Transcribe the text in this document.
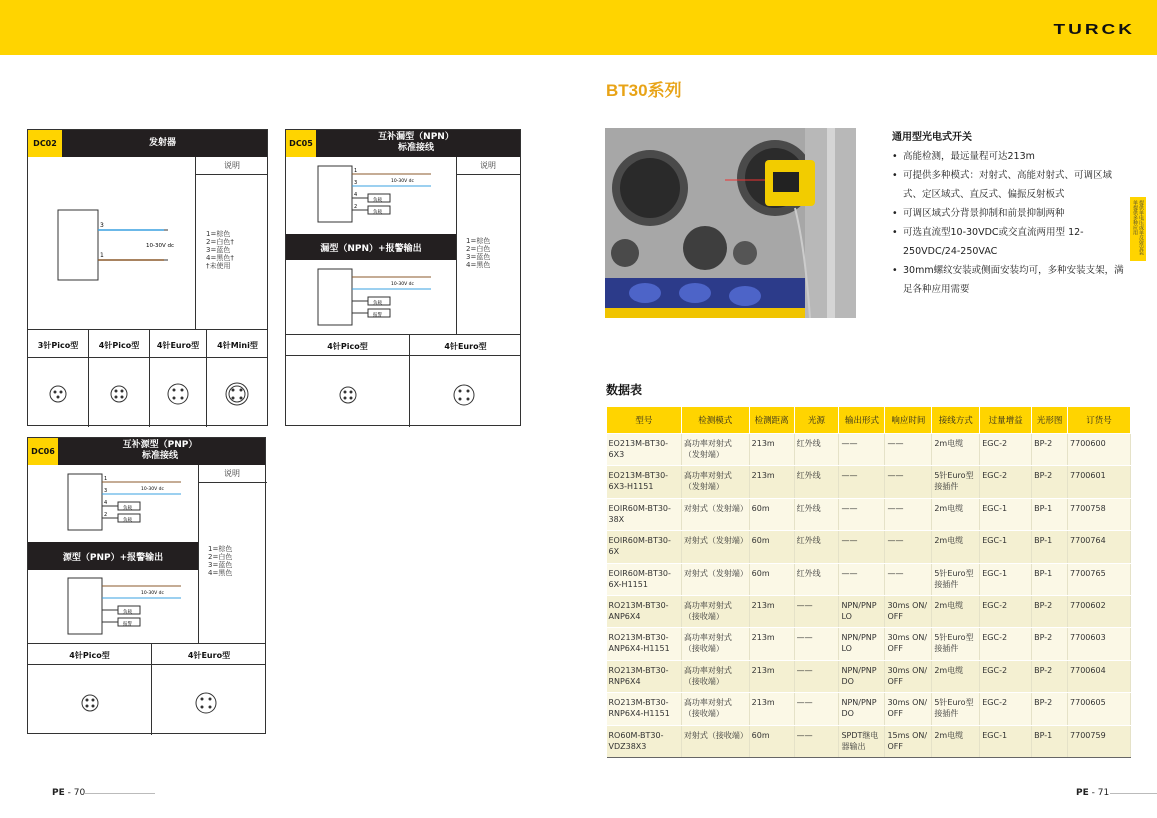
TURCK
BT30系列
通用型光电式开关
• 高能检测，最远量程可达213m
• 可提供多种模式：对射式、高能对射式、可调区域式、定区域式、直反式、偏振反射板式
• 可调区域式分背景抑制和前景抑制两种
• 可选直流型10-30VDC或交直流两用型 12-250VDC/24-250VAC
• 30mm螺纹安装或侧面安装均可，多种安装支架，满足各种应用需要
提供单电压或单反射安装单提供多种应用
数据表
型号	检测模式	检测距离	光源	输出形式	响应时间	接线方式	过量增益	光形图	订货号
EO213M-BT30-6X3	高功率对射式（发射端）	213m	红外线	——	——	2m电缆	EGC-2	BP-2	7700600
EO213M-BT30-6X3-H1151	高功率对射式（发射端）	213m	红外线	——	——	5针Euro型接插件	EGC-2	BP-2	7700601
EOIR60M-BT30-38X	对射式（发射端）	60m	红外线	——	——	2m电缆	EGC-1	BP-1	7700758
EOIR60M-BT30-6X	对射式（发射端）	60m	红外线	——	——	2m电缆	EGC-1	BP-1	7700764
EOIR60M-BT30-6X-H1151	对射式（发射端）	60m	红外线	——	——	5针Euro型接插件	EGC-1	BP-1	7700765
RO213M-BT30-ANP6X4	高功率对射式（接收端）	213m	——	NPN/PNP LO	30ms ON/ OFF	2m电缆	EGC-2	BP-2	7700602
RO213M-BT30-ANP6X4-H1151	高功率对射式（接收端）	213m	——	NPN/PNP LO	30ms ON/ OFF	5针Euro型接插件	EGC-2	BP-2	7700603
RO213M-BT30-RNP6X4	高功率对射式（接收端）	213m	——	NPN/PNP DO	30ms ON/ OFF	2m电缆	EGC-2	BP-2	7700604
RO213M-BT30-RNP6X4-H1151	高功率对射式（接收端）	213m	——	NPN/PNP DO	30ms ON/ OFF	5针Euro型接插件	EGC-2	BP-2	7700605
RO60M-BT30-VDZ38X3	对射式（接收端）	60m	——	SPDT继电器输出	15ms ON/ OFF	2m电缆	EGC-1	BP-1	7700759
DC02	发射器
说明
3
1
10-30V dc
1=棕色
2=白色†
3=蓝色
4=黑色†
†未使用
3针Pico型	4针Pico型	4针Euro型	4针Mini型
DC05
互补漏型（NPN）标准接线
说明
1
3
4
2
10-30V dc
负载
负载
漏型（NPN）+报警输出
1=棕色
2=白色
3=蓝色
4=黑色
10-30V dc
负载
报警
4针Pico型	4针Euro型
DC06
互补源型（PNP）标准接线
说明
1
3
4
2
10-30V dc
负载
负载
源型（PNP）+报警输出
1=棕色
2=白色
3=蓝色
4=黑色
10-30V dc
负载
报警
4针Pico型	4针Euro型
PE - 70	PE - 71
